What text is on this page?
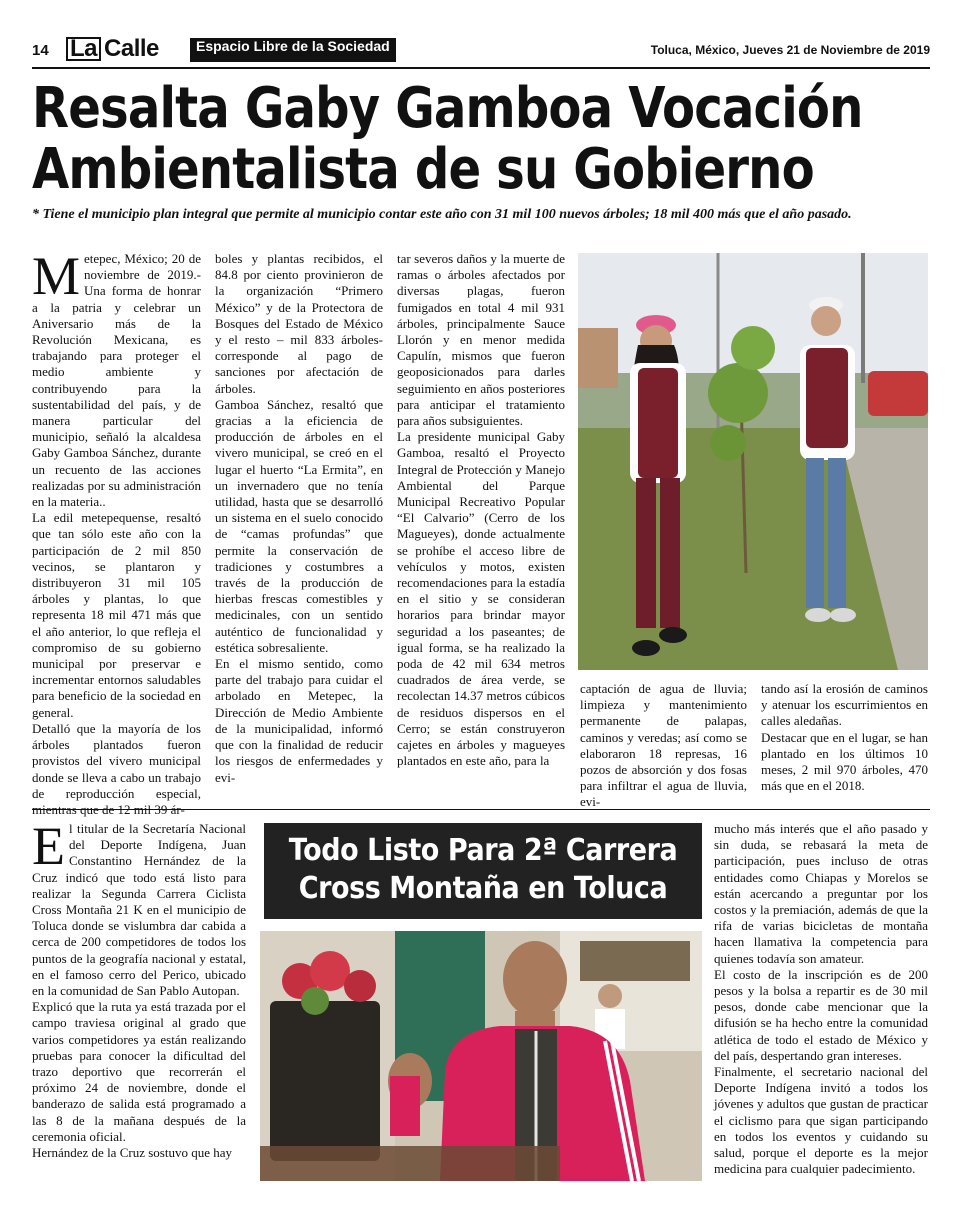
14 La Calle	Espacio Libre de la Sociedad	Toluca, México, Jueves 21 de Noviembre de 2019
Resalta Gaby Gamboa Vocación
Ambientalista de su Gobierno
* Tiene el municipio plan integral que permite al municipio contar este año con 31 mil 100 nuevos árboles; 18 mil 400 más que el año pasado.

Metepec, México; 20 de noviembre de 2019.- Una forma de honrar a la patria y celebrar un Aniversario más de la Revolución Mexicana, es trabajando para proteger el medio ambiente y contribuyendo para la sustentabilidad del país, y de manera particular del municipio, señaló la alcaldesa Gaby Gamboa Sánchez, durante un recuento de las acciones realizadas por su administración en la materia..

La edil metepequense, resaltó que tan sólo este año con la participación de 2 mil 850 vecinos, se plantaron y distribuyeron 31 mil 105 árboles y plantas, lo que representa 18 mil 471 más que el año anterior, lo que refleja el compromiso de su gobierno municipal por preservar e incrementar entornos saludables para beneficio de la sociedad en general.

Detalló que la mayoría de los árboles plantados fueron provistos del vivero municipal donde se lleva a cabo un trabajo de reproducción especial, mientras que de 12 mil 39 ár-

boles y plantas recibidos, el 84.8 por ciento provinieron de la organización “Primero México” y de la Protectora de Bosques del Estado de México y el resto – mil 833 árboles- corresponde al pago de sanciones por afectación de árboles.

Gamboa Sánchez, resaltó que gracias a la eficiencia de producción de árboles en el vivero municipal, se creó en el lugar el huerto “La Ermita”, en un invernadero que no tenía utilidad, hasta que se desarrolló un sistema en el suelo conocido de “camas profundas” que permite la conservación de tradiciones y costumbres a través de la producción de hierbas frescas comestibles y medicinales, con un sentido auténtico de funcionalidad y estética sobresaliente.

En el mismo sentido, como parte del trabajo para cuidar el arbolado en Metepec, la Dirección de Medio Ambiente de la municipalidad, informó que con la finalidad de reducir los riesgos de enfermedades y evi-

tar severos daños y la muerte de ramas o árboles afectados por diversas plagas, fueron fumigados en total 4 mil 931 árboles, principalmente Sauce Llorón y en menor medida Capulín, mismos que fueron geoposicionados para darles seguimiento en años posteriores para anticipar el tratamiento para años subsiguientes.

La presidente municipal Gaby Gamboa, resaltó el Proyecto Integral de Protección y Manejo Ambiental del Parque Municipal Recreativo Popular “El Calvario” (Cerro de los Magueyes), donde actualmente se prohíbe el acceso libre de vehículos y motos, existen recomendaciones para la estadía en el sitio y se consideran horarios para brindar mayor seguridad a los paseantes; de igual forma, se ha realizado la poda de 42 mil 634 metros cuadrados de área verde, se recolectan 14.37 metros cúbicos de residuos dispersos en el Cerro; se están construyeron cajetes en árboles y magueyes plantados en este año, para la

captación de agua de lluvia; limpieza y mantenimiento permanente de palapas, caminos y veredas; así como se elaboraron 18 represas, 16 pozos de absorción y dos fosas para infiltrar el agua de lluvia, evi-

tando así la erosión de caminos y atenuar los escurrimientos en calles aledañas.

Destacar que en el lugar, se han plantado en los últimos 10 meses, 2 mil 970 árboles, 470 más que en el 2018.

El titular de la Secretaría Nacional del Deporte Indígena, Juan Constantino Hernández de la Cruz indicó que todo está listo para realizar la Segunda Carrera Ciclista Cross Montaña 21 K en el municipio de Toluca donde se vislumbra dar cabida a cerca de 200 competidores de todos los puntos de la geografía nacional y estatal, en el famoso cerro del Perico, ubicado en la comunidad de San Pablo Autopan.

Explicó que la ruta ya está trazada por el campo traviesa original al grado que varios competidores ya están realizando pruebas para conocer la dificultad del trazo deportivo que recorrerán el próximo 24 de noviembre, donde el banderazo de salida está programado a las 8 de la mañana después de la ceremonia oficial.

Hernández de la Cruz sostuvo que hay

Todo Listo Para 2ª Carrera
Cross Montaña en Toluca

mucho más interés que el año pasado y sin duda, se rebasará la meta de participación, pues incluso de otras entidades como Chiapas y Morelos se están acercando a preguntar por los costos y la premiación, además de que la rifa de varias bicicletas de montaña hacen llamativa la competencia para quienes todavía son amateur.

El costo de la inscripción es de 200 pesos y la bolsa a repartir es de 30 mil pesos, donde cabe mencionar que la difusión se ha hecho entre la comunidad atlética de todo el estado de México y del país, despertando gran intereses.

Finalmente, el secretario nacional del Deporte Indígena invitó a todos los jóvenes y adultos que gustan de practicar el ciclismo para que sigan participando en todos los eventos y cuidando su salud, porque el deporte es la mejor medicina para cualquier padecimiento.
